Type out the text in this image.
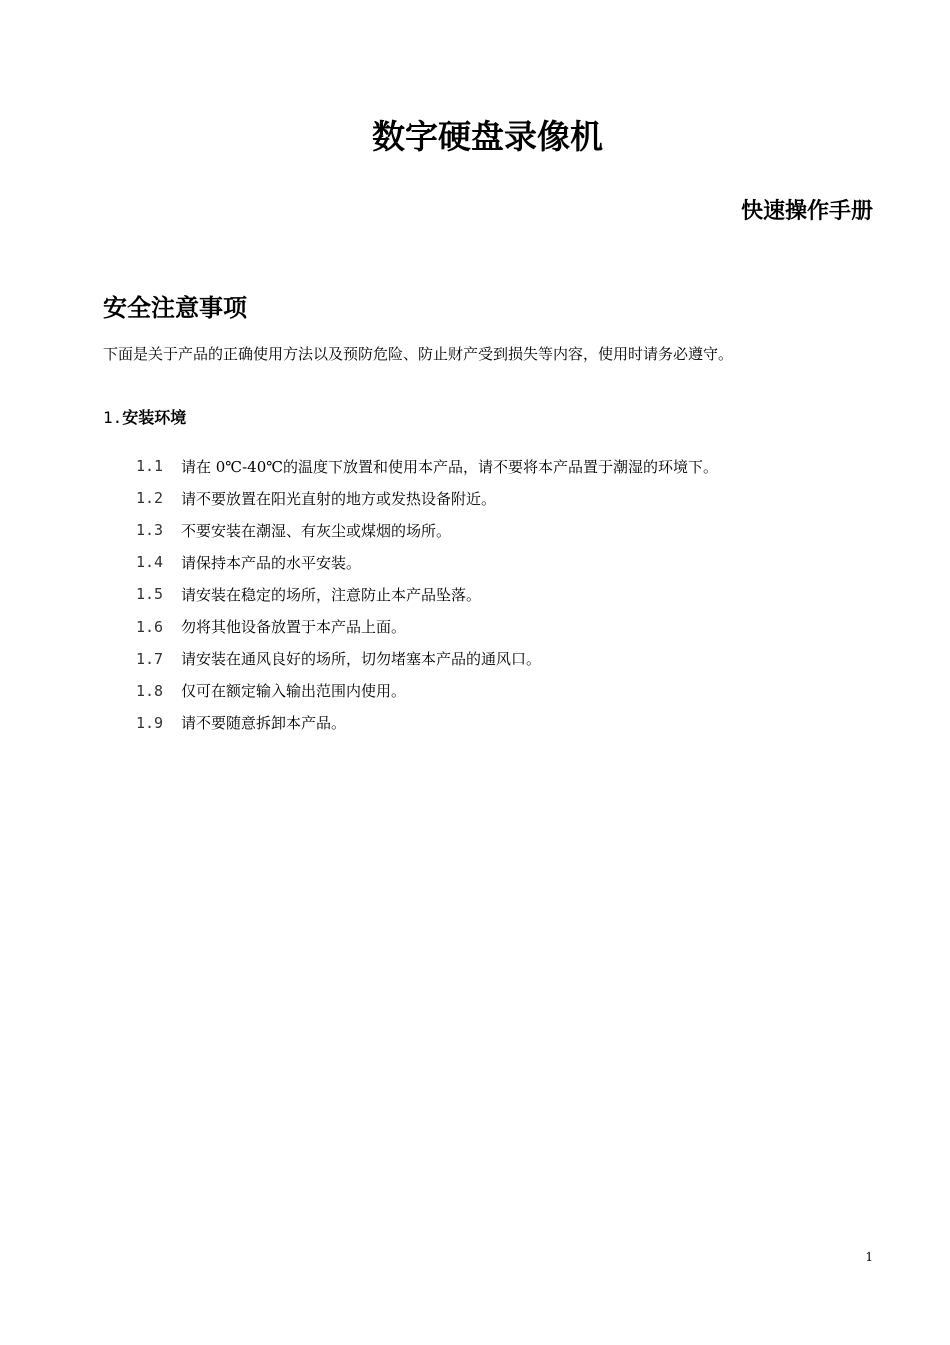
数字硬盘录像机
快速操作手册
安全注意事项

下面是关于产品的正确使用方法以及预防危险、防止财产受到损失等内容，使用时请务必遵守。

1.安装环境
1.1	请在 0℃-40℃的温度下放置和使用本产品，请不要将本产品置于潮湿的环境下。
1.2	请不要放置在阳光直射的地方或发热设备附近。
1.3	不要安装在潮湿、有灰尘或煤烟的场所。
1.4	请保持本产品的水平安装。
1.5	请安装在稳定的场所，注意防止本产品坠落。
1.6	勿将其他设备放置于本产品上面。
1.7	请安装在通风良好的场所，切勿堵塞本产品的通风口。
1.8	仅可在额定输入输出范围内使用。
1.9	请不要随意拆卸本产品。
1
